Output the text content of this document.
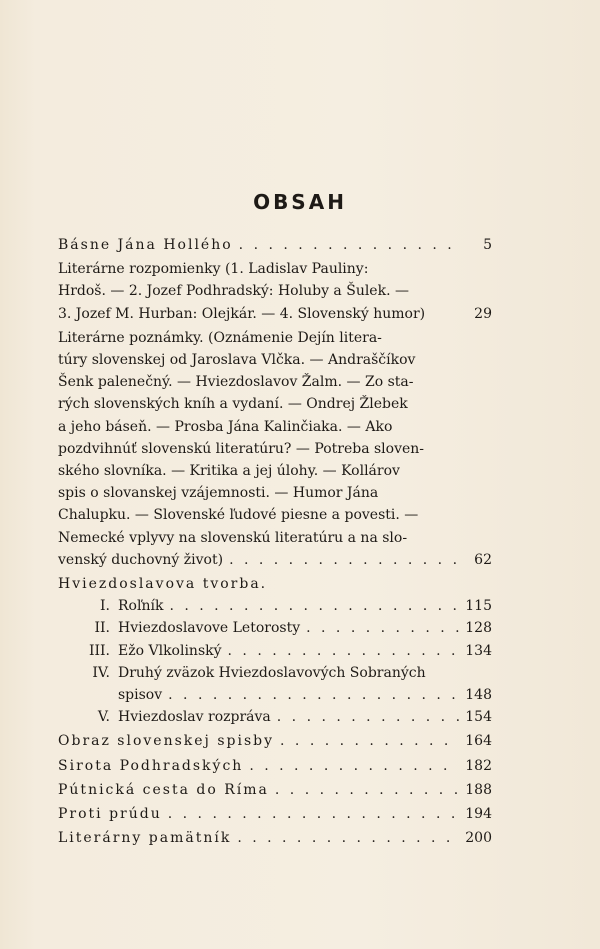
OBSAH
Básne Jána Hollého . . .	5
Literárne rozpomienky (1. Ladislav Pauliny:
Hrdoš. — 2. Jozef Podhradský: Holuby a Šulek. —
3. Jozef M. Hurban: Olejkár. — 4. Slovenský humor)	29
Literárne poznámky. (Oznámenie Dejín litera-
túry slovenskej od Jaroslava Vlčka. — Andraščíkov
Šenk palenečný. — Hviezdoslavov Žalm. — Zo sta-
rých slovenských kníh a vydaní. — Ondrej Žlebek
a jeho báseň. — Prosba Jána Kalinčiaka. — Ako
pozdvihnúť slovenskú literatúru? — Potreba sloven-
ského slovníka. — Kritika a jej úlohy. — Kollárov
spis o slovanskej vzájemnosti. — Humor Jána
Chalupku. — Slovenské ľudové piesne a povesti. —
Nemecké vplyvy na slovenskú literatúru a na slo-
venský duchovný život) . . .	62
Hviezdoslavova tvorba.
I. Roľník . . .	115
II. Hviezdoslavove Letorosty . . .	128
III. Ežo Vlkolinský . . .	134
IV. Druhý zväzok Hviezdoslavových Sobraných
spisov . . .	148
V. Hviezdoslav rozpráva . . .	154
Obraz slovenskej spisby . . .	164
Sirota Podhradských . . .	182
Pútnická cesta do Ríma . . .	188
Proti prúdu . . .	194
Literárny pamätník . . .	200
